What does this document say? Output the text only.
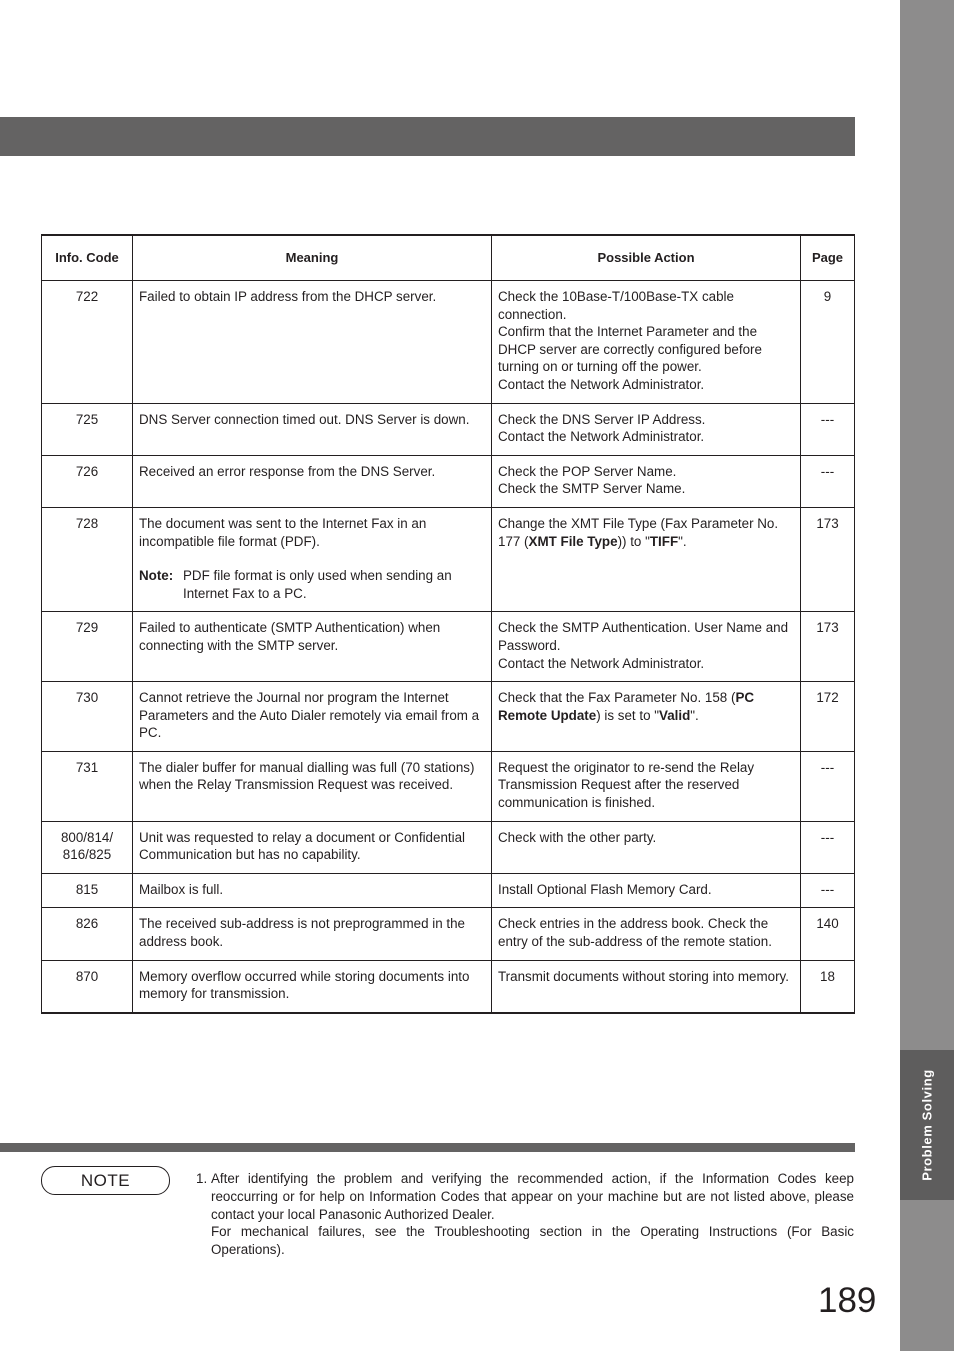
Problem Solving
Info. Code	Meaning	Possible Action	Page
722	Failed to obtain IP address from the DHCP server.	Check the 10Base-T/100Base-TX cable connection.
Confirm that the Internet Parameter and the DHCP server are correctly configured before turning on or turning off the power.
Contact the Network Administrator.	9
725	DNS Server connection timed out. DNS Server is down.	Check the DNS Server IP Address.
Contact the Network Administrator.	---
726	Received an error response from the DNS Server.	Check the POP Server Name.
Check the SMTP Server Name.	---
728	The document was sent to the Internet Fax in an incompatible file format (PDF).
Note: PDF file format is only used when sending an Internet Fax to a PC.	Change the XMT File Type (Fax Parameter No. 177 (XMT File Type)) to "TIFF".	173
729	Failed to authenticate (SMTP Authentication) when connecting with the SMTP server.	Check the SMTP Authentication. User Name and Password.
Contact the Network Administrator.	173
730	Cannot retrieve the Journal nor program the Internet Parameters and the Auto Dialer remotely via email from a PC.	Check that the Fax Parameter No. 158 (PC Remote Update) is set to "Valid".	172
731	The dialer buffer for manual dialling was full (70 stations) when the Relay Transmission Request was received.	Request the originator to re-send the Relay Transmission Request after the reserved communication is finished.	---
800/814/ 816/825	Unit was requested to relay a document or Confidential Communication but has no capability.	Check with the other party.	---
815	Mailbox is full.	Install Optional Flash Memory Card.	---
826	The received sub-address is not preprogrammed in the address book.	Check entries in the address book. Check the entry of the sub-address of the remote station.	140
870	Memory overflow occurred while storing documents into memory for transmission.	Transmit documents without storing into memory.	18
NOTE	1. After identifying the problem and verifying the recommended action, if the Information Codes keep reoccurring or for help on Information Codes that appear on your machine but are not listed above, please contact your local Panasonic Authorized Dealer.

For mechanical failures, see the Troubleshooting section in the Operating Instructions (For Basic Operations).

189
